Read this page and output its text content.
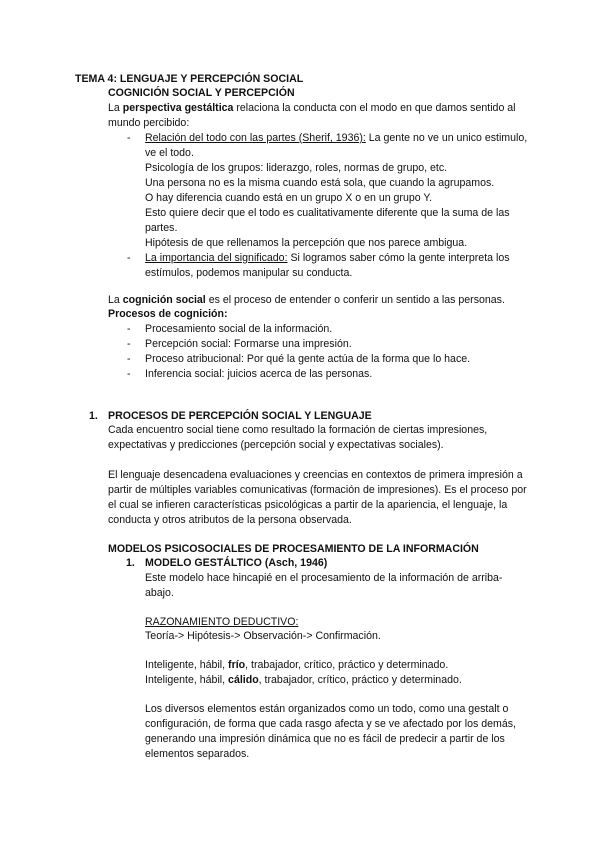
TEMA 4: LENGUAJE Y PERCEPCIÓN SOCIAL

COGNICIÓN SOCIAL Y PERCEPCIÓN

La perspectiva gestáltica relaciona la conducta con el modo en que damos sentido al mundo percibido:

- Relación del todo con las partes (Sherif, 1936): La gente no ve un unico estimulo, ve el todo.

Psicología de los grupos: liderazgo, roles, normas de grupo, etc.

Una persona no es la misma cuando está sola, que cuando la agrupamos.

O hay diferencia cuando está en un grupo X o en un grupo Y.

Esto quiere decir que el todo es cualitativamente diferente que la suma de las partes.

Hipótesis de que rellenamos la percepción que nos parece ambigua.

- La importancia del significado: Si logramos saber cómo la gente interpreta los estímulos, podemos manipular su conducta.

La cognición social es el proceso de entender o conferir un sentido a las personas.

Procesos de cognición:

- Procesamiento social de la información.
- Percepción social: Formarse una impresión.
- Proceso atribucional: Por qué la gente actúa de la forma que lo hace.
- Inferencia social: juicios acerca de las personas.

1. PROCESOS DE PERCEPCIÓN SOCIAL Y LENGUAJE

Cada encuentro social tiene como resultado la formación de ciertas impresiones, expectativas y predicciones (percepción social y expectativas sociales).

El lenguaje desencadena evaluaciones y creencias en contextos de primera impresión a partir de múltiples variables comunicativas (formación de impresiones). Es el proceso por el cual se infieren características psicológicas a partir de la apariencia, el lenguaje, la conducta y otros atributos de la persona observada.

MODELOS PSICOSOCIALES DE PROCESAMIENTO DE LA INFORMACIÓN

1. MODELO GESTÁLTICO (Asch, 1946)

Este modelo hace hincapié en el procesamiento de la información de arriba-abajo.

RAZONAMIENTO DEDUCTIVO:

Teoría-> Hipótesis-> Observación-> Confirmación.

Inteligente, hábil, frío, trabajador, crítico, práctico y determinado.

Inteligente, hábil, cálido, trabajador, crítico, práctico y determinado.

Los diversos elementos están organizados como un todo, como una gestalt o configuración, de forma que cada rasgo afecta y se ve afectado por los demás, generando una impresión dinámica que no es fácil de predecir a partir de los elementos separados.
